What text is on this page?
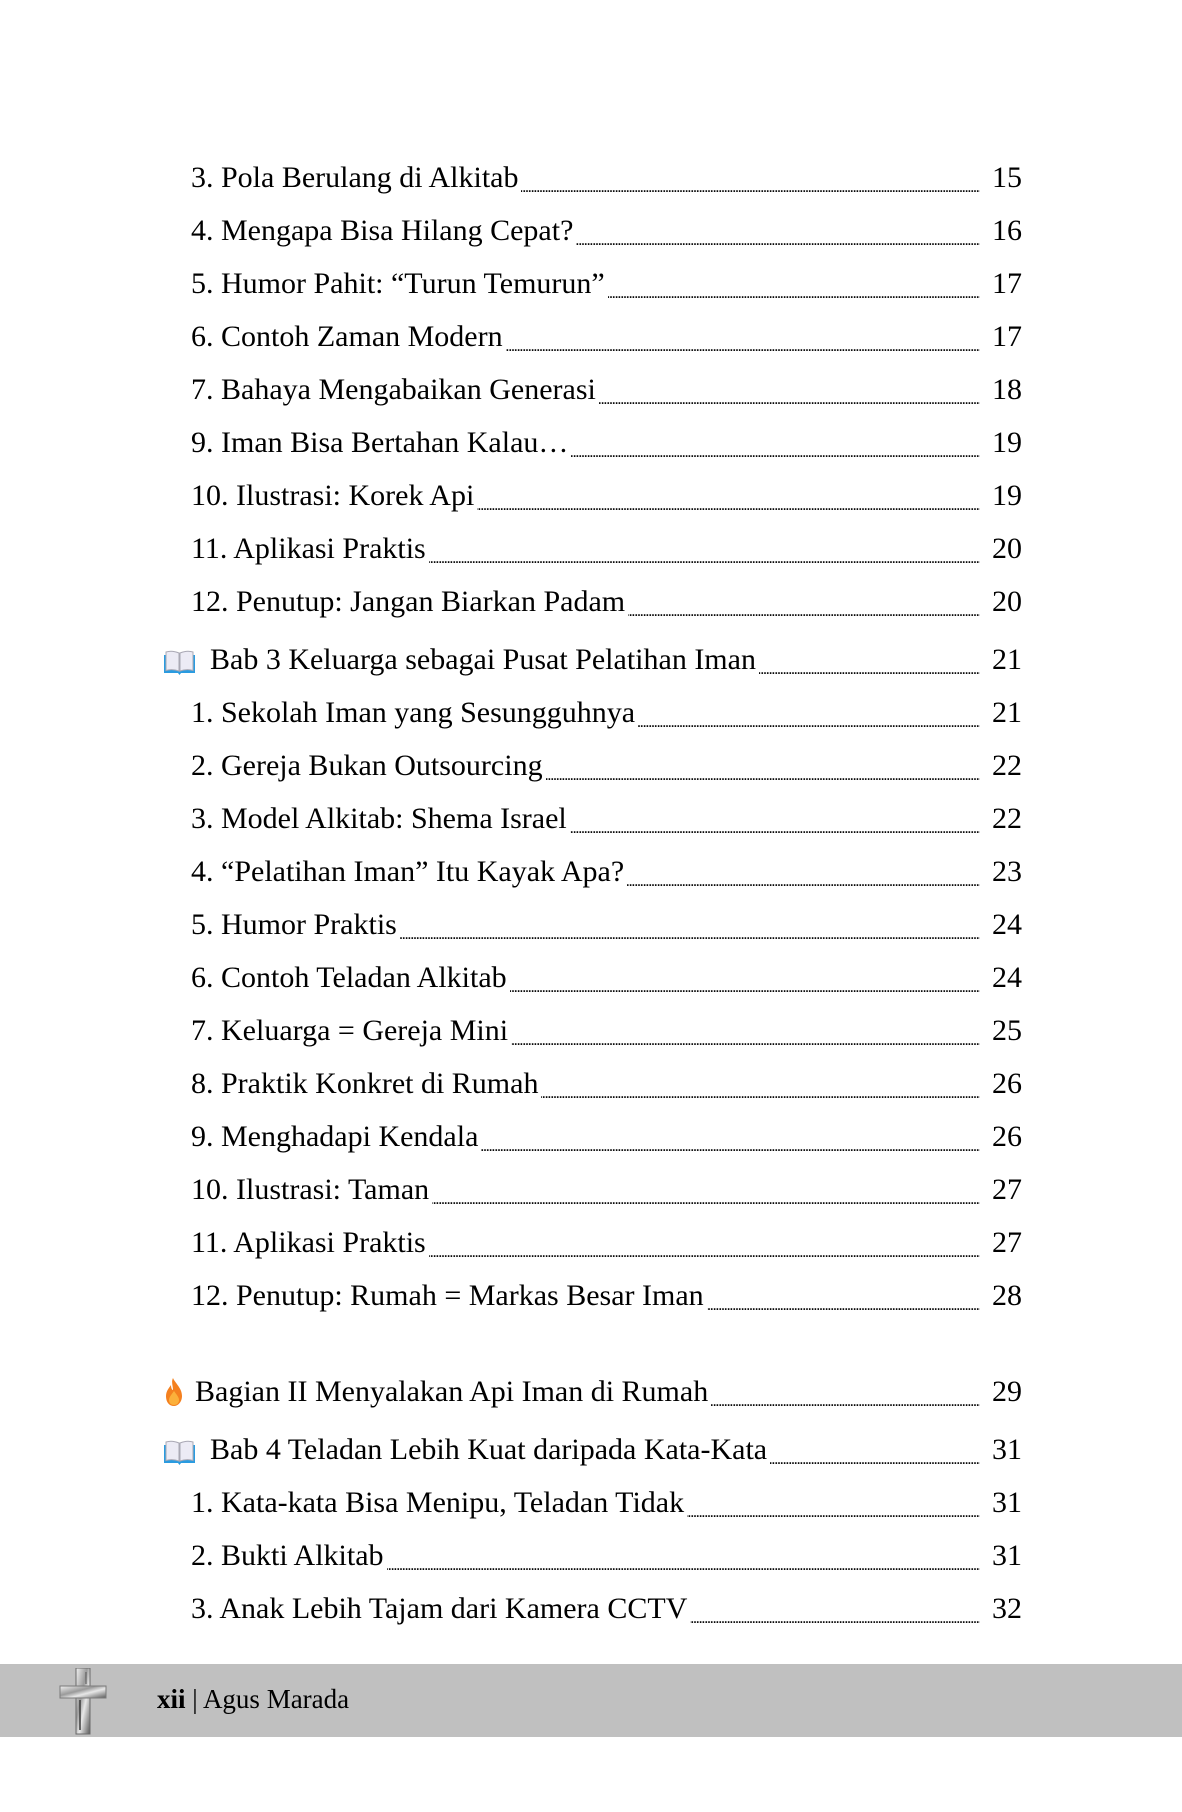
3. Pola Berulang di Alkitab . . .	15
4. Mengapa Bisa Hilang Cepat? . . .	16
5. Humor Pahit: “Turun Temurun” . . .	17
6. Contoh Zaman Modern . . .	17
7. Bahaya Mengabaikan Generasi . . .	18
9. Iman Bisa Bertahan Kalau… . . .	19
10. Ilustrasi: Korek Api . . .	19
11. Aplikasi Praktis . . .	20
12. Penutup: Jangan Biarkan Padam . . .	20
Bab 3 Keluarga sebagai Pusat Pelatihan Iman . . .	21
1. Sekolah Iman yang Sesungguhnya . . .	21
2. Gereja Bukan Outsourcing . . .	22
3. Model Alkitab: Shema Israel . . .	22
4. “Pelatihan Iman” Itu Kayak Apa? . . .	23
5. Humor Praktis . . .	24
6. Contoh Teladan Alkitab . . .	24
7. Keluarga = Gereja Mini . . .	25
8. Praktik Konkret di Rumah . . .	26
9. Menghadapi Kendala . . .	26
10. Ilustrasi: Taman . . .	27
11. Aplikasi Praktis . . .	27
12. Penutup: Rumah = Markas Besar Iman . . .	28
Bagian II Menyalakan Api Iman di Rumah . . .	29
Bab 4 Teladan Lebih Kuat daripada Kata-Kata . . .	31
1. Kata-kata Bisa Menipu, Teladan Tidak . . .	31
2. Bukti Alkitab . . .	31
3. Anak Lebih Tajam dari Kamera CCTV . . .	32
xii | Agus Marada
